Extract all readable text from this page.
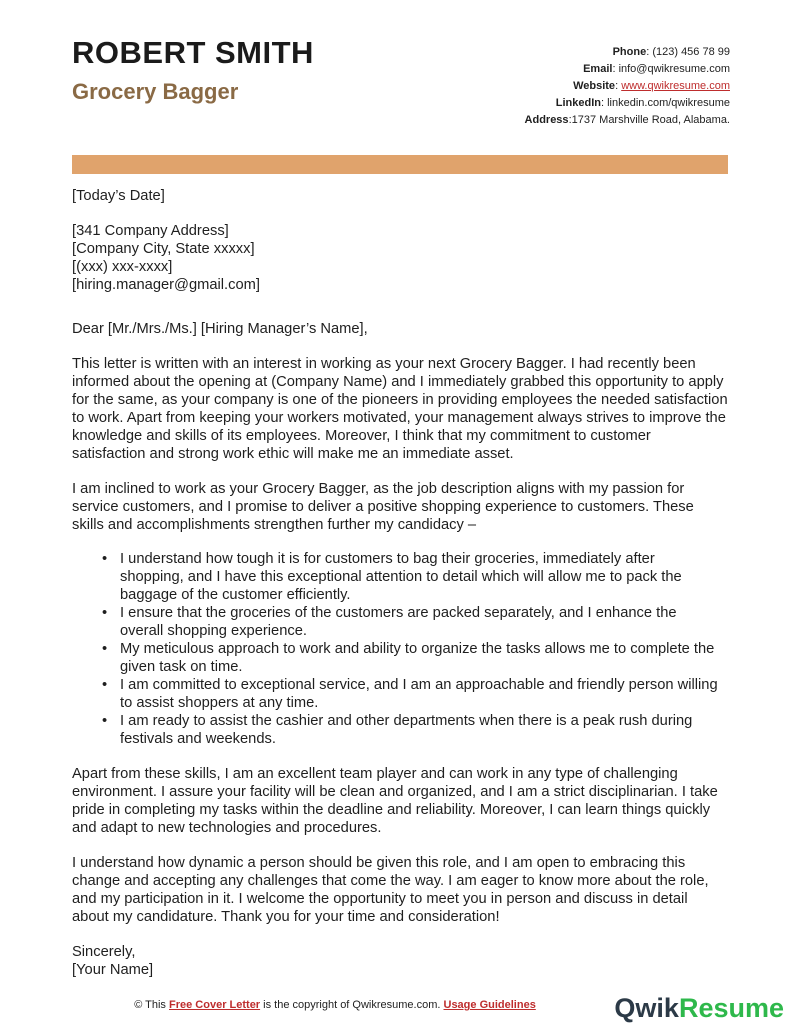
ROBERT SMITH
Grocery Bagger
Phone: (123) 456 78 99
Email: info@qwikresume.com
Website: www.qwikresume.com
LinkedIn: linkedin.com/qwikresume
Address:1737 Marshville Road, Alabama.
[Today’s Date]
[341 Company Address]
[Company City, State xxxxx]
[(xxx) xxx-xxxx]
[hiring.manager@gmail.com]

Dear [Mr./Mrs./Ms.] [Hiring Manager’s Name],

This letter is written with an interest in working as your next Grocery Bagger. I had recently been informed about the opening at (Company Name) and I immediately grabbed this opportunity to apply for the same, as your company is one of the pioneers in providing employees the needed satisfaction to work. Apart from keeping your workers motivated, your management always strives to improve the knowledge and skills of its employees. Moreover, I think that my commitment to customer satisfaction and strong work ethic will make me an immediate asset.

I am inclined to work as your Grocery Bagger, as the job description aligns with my passion for service customers, and I promise to deliver a positive shopping experience to customers. These skills and accomplishments strengthen further my candidacy –

• I understand how tough it is for customers to bag their groceries, immediately after shopping, and I have this exceptional attention to detail which will allow me to pack the baggage of the customer efficiently.
• I ensure that the groceries of the customers are packed separately, and I enhance the overall shopping experience.
• My meticulous approach to work and ability to organize the tasks allows me to complete the given task on time.
• I am committed to exceptional service, and I am an approachable and friendly person willing to assist shoppers at any time.
• I am ready to assist the cashier and other departments when there is a peak rush during festivals and weekends.

Apart from these skills, I am an excellent team player and can work in any type of challenging environment. I assure your facility will be clean and organized, and I am a strict disciplinarian. I take pride in completing my tasks within the deadline and reliability. Moreover, I can learn things quickly and adapt to new technologies and procedures.

I understand how dynamic a person should be given this role, and I am open to embracing this change and accepting any challenges that come the way. I am eager to know more about the role, and my participation in it. I welcome the opportunity to meet you in person and discuss in detail about my candidature. Thank you for your time and consideration!

Sincerely,
[Your Name]
© This Free Cover Letter is the copyright of Qwikresume.com. Usage Guidelines	QwikResume
